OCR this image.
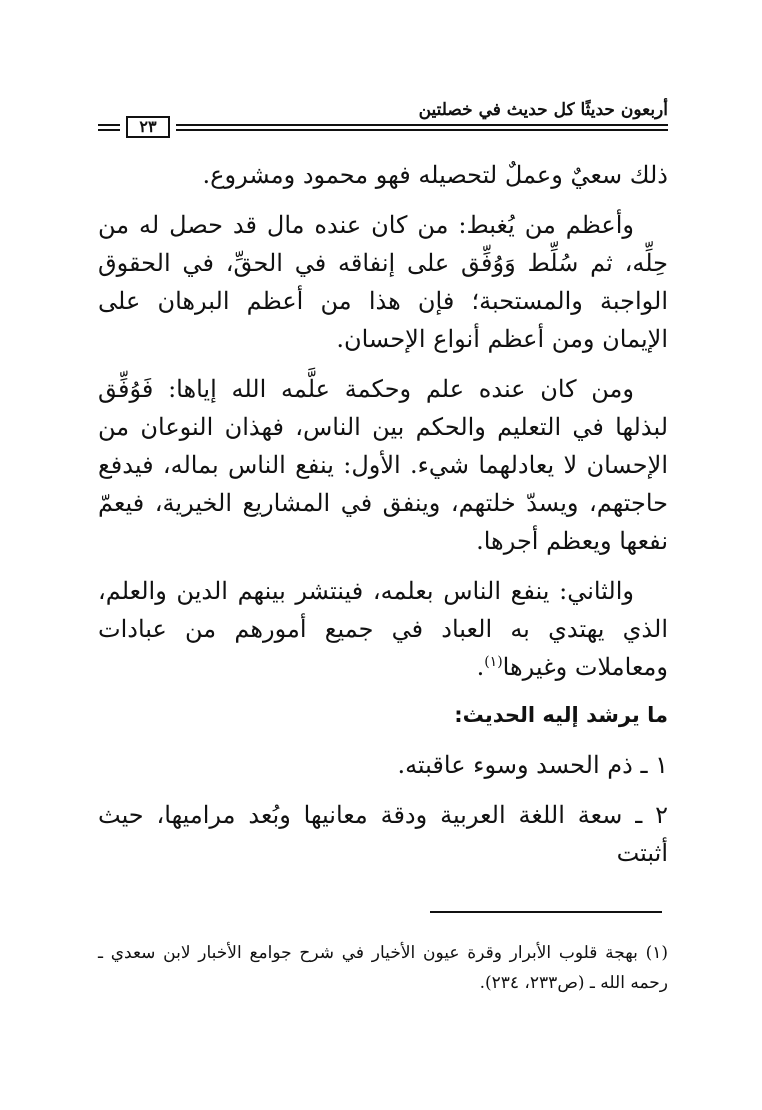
أربعون حديثًا كل حديث في خصلتين
٢٣

ذلك سعيٌ وعملٌ لتحصيله فهو محمود ومشروع.

وأعظم من يُغبط: من كان عنده مال قد حصل له من حِلِّه، ثم سُلِّط وَوُفِّق على إنفاقه في الحقِّ، في الحقوق الواجبة والمستحبة؛ فإن هذا من أعظم البرهان على الإيمان ومن أعظم أنواع الإحسان.

ومن كان عنده علم وحكمة علَّمه الله إياها: فَوُفِّق لبذلها في التعليم والحكم بين الناس، فهذان النوعان من الإحسان لا يعادلهما شيء. الأول: ينفع الناس بماله، فيدفع حاجتهم، ويسدّ خلتهم، وينفق في المشاريع الخيرية، فيعمّ نفعها ويعظم أجرها.

والثاني: ينفع الناس بعلمه، فينتشر بينهم الدين والعلم، الذي يهتدي به العباد في جميع أمورهم من عبادات ومعاملات وغيرها$^{(١)}$.

ما يرشد إليه الحديث:

١ ـ ذم الحسد وسوء عاقبته.

٢ ـ سعة اللغة العربية ودقة معانيها وبُعد مراميها، حيث أثبتت

(١) بهجة قلوب الأبرار وقرة عيون الأخيار في شرح جوامع الأخبار لابن سعدي ـ رحمه الله ـ (ص٢٣٣، ٢٣٤).
